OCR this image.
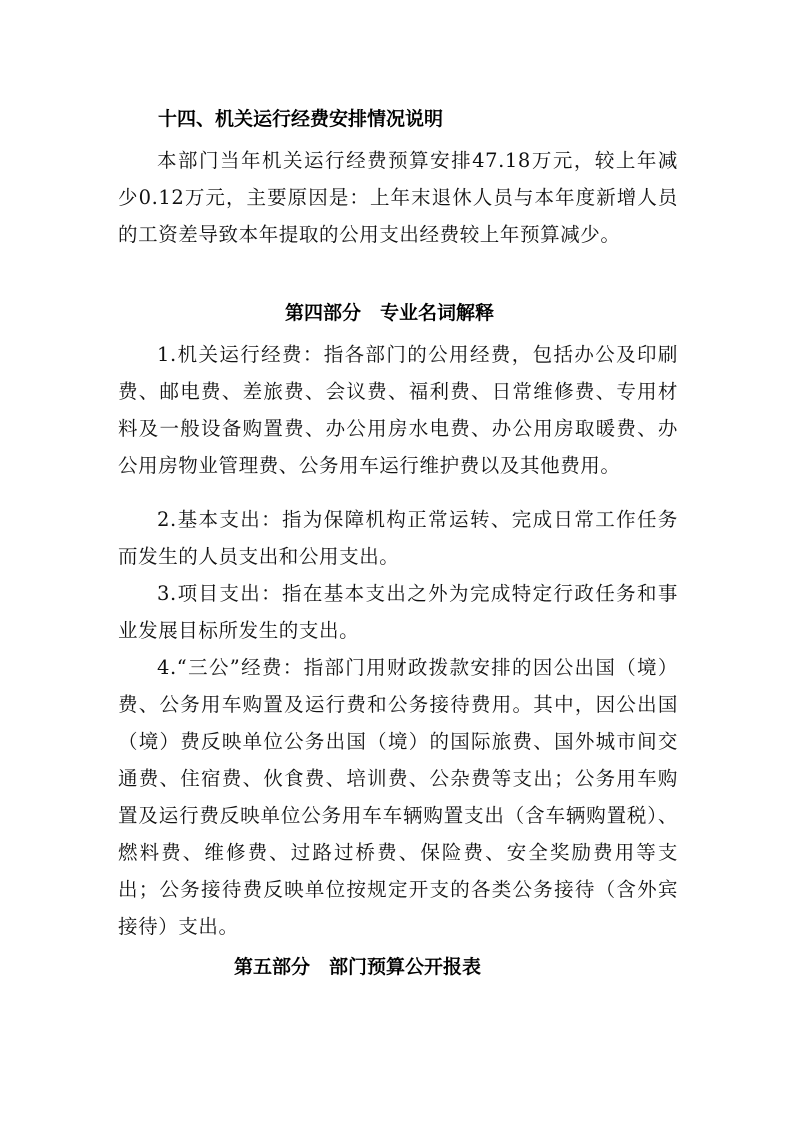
十四、机关运行经费安排情况说明

本部门当年机关运行经费预算安排47.18万元，较上年减少0.12万元，主要原因是：上年末退休人员与本年度新增人员的工资差导致本年提取的公用支出经费较上年预算减少。

第四部分　专业名词解释

1.机关运行经费：指各部门的公用经费，包括办公及印刷费、邮电费、差旅费、会议费、福利费、日常维修费、专用材料及一般设备购置费、办公用房水电费、办公用房取暖费、办公用房物业管理费、公务用车运行维护费以及其他费用。

2.基本支出：指为保障机构正常运转、完成日常工作任务而发生的人员支出和公用支出。

3.项目支出：指在基本支出之外为完成特定行政任务和事业发展目标所发生的支出。

4.“三公”经费：指部门用财政拨款安排的因公出国（境）费、公务用车购置及运行费和公务接待费用。其中，因公出国（境）费反映单位公务出国（境）的国际旅费、国外城市间交通费、住宿费、伙食费、培训费、公杂费等支出；公务用车购置及运行费反映单位公务用车车辆购置支出（含车辆购置税）、燃料费、维修费、过路过桥费、保险费、安全奖励费用等支出；公务接待费反映单位按规定开支的各类公务接待（含外宾接待）支出。

第五部分　部门预算公开报表
